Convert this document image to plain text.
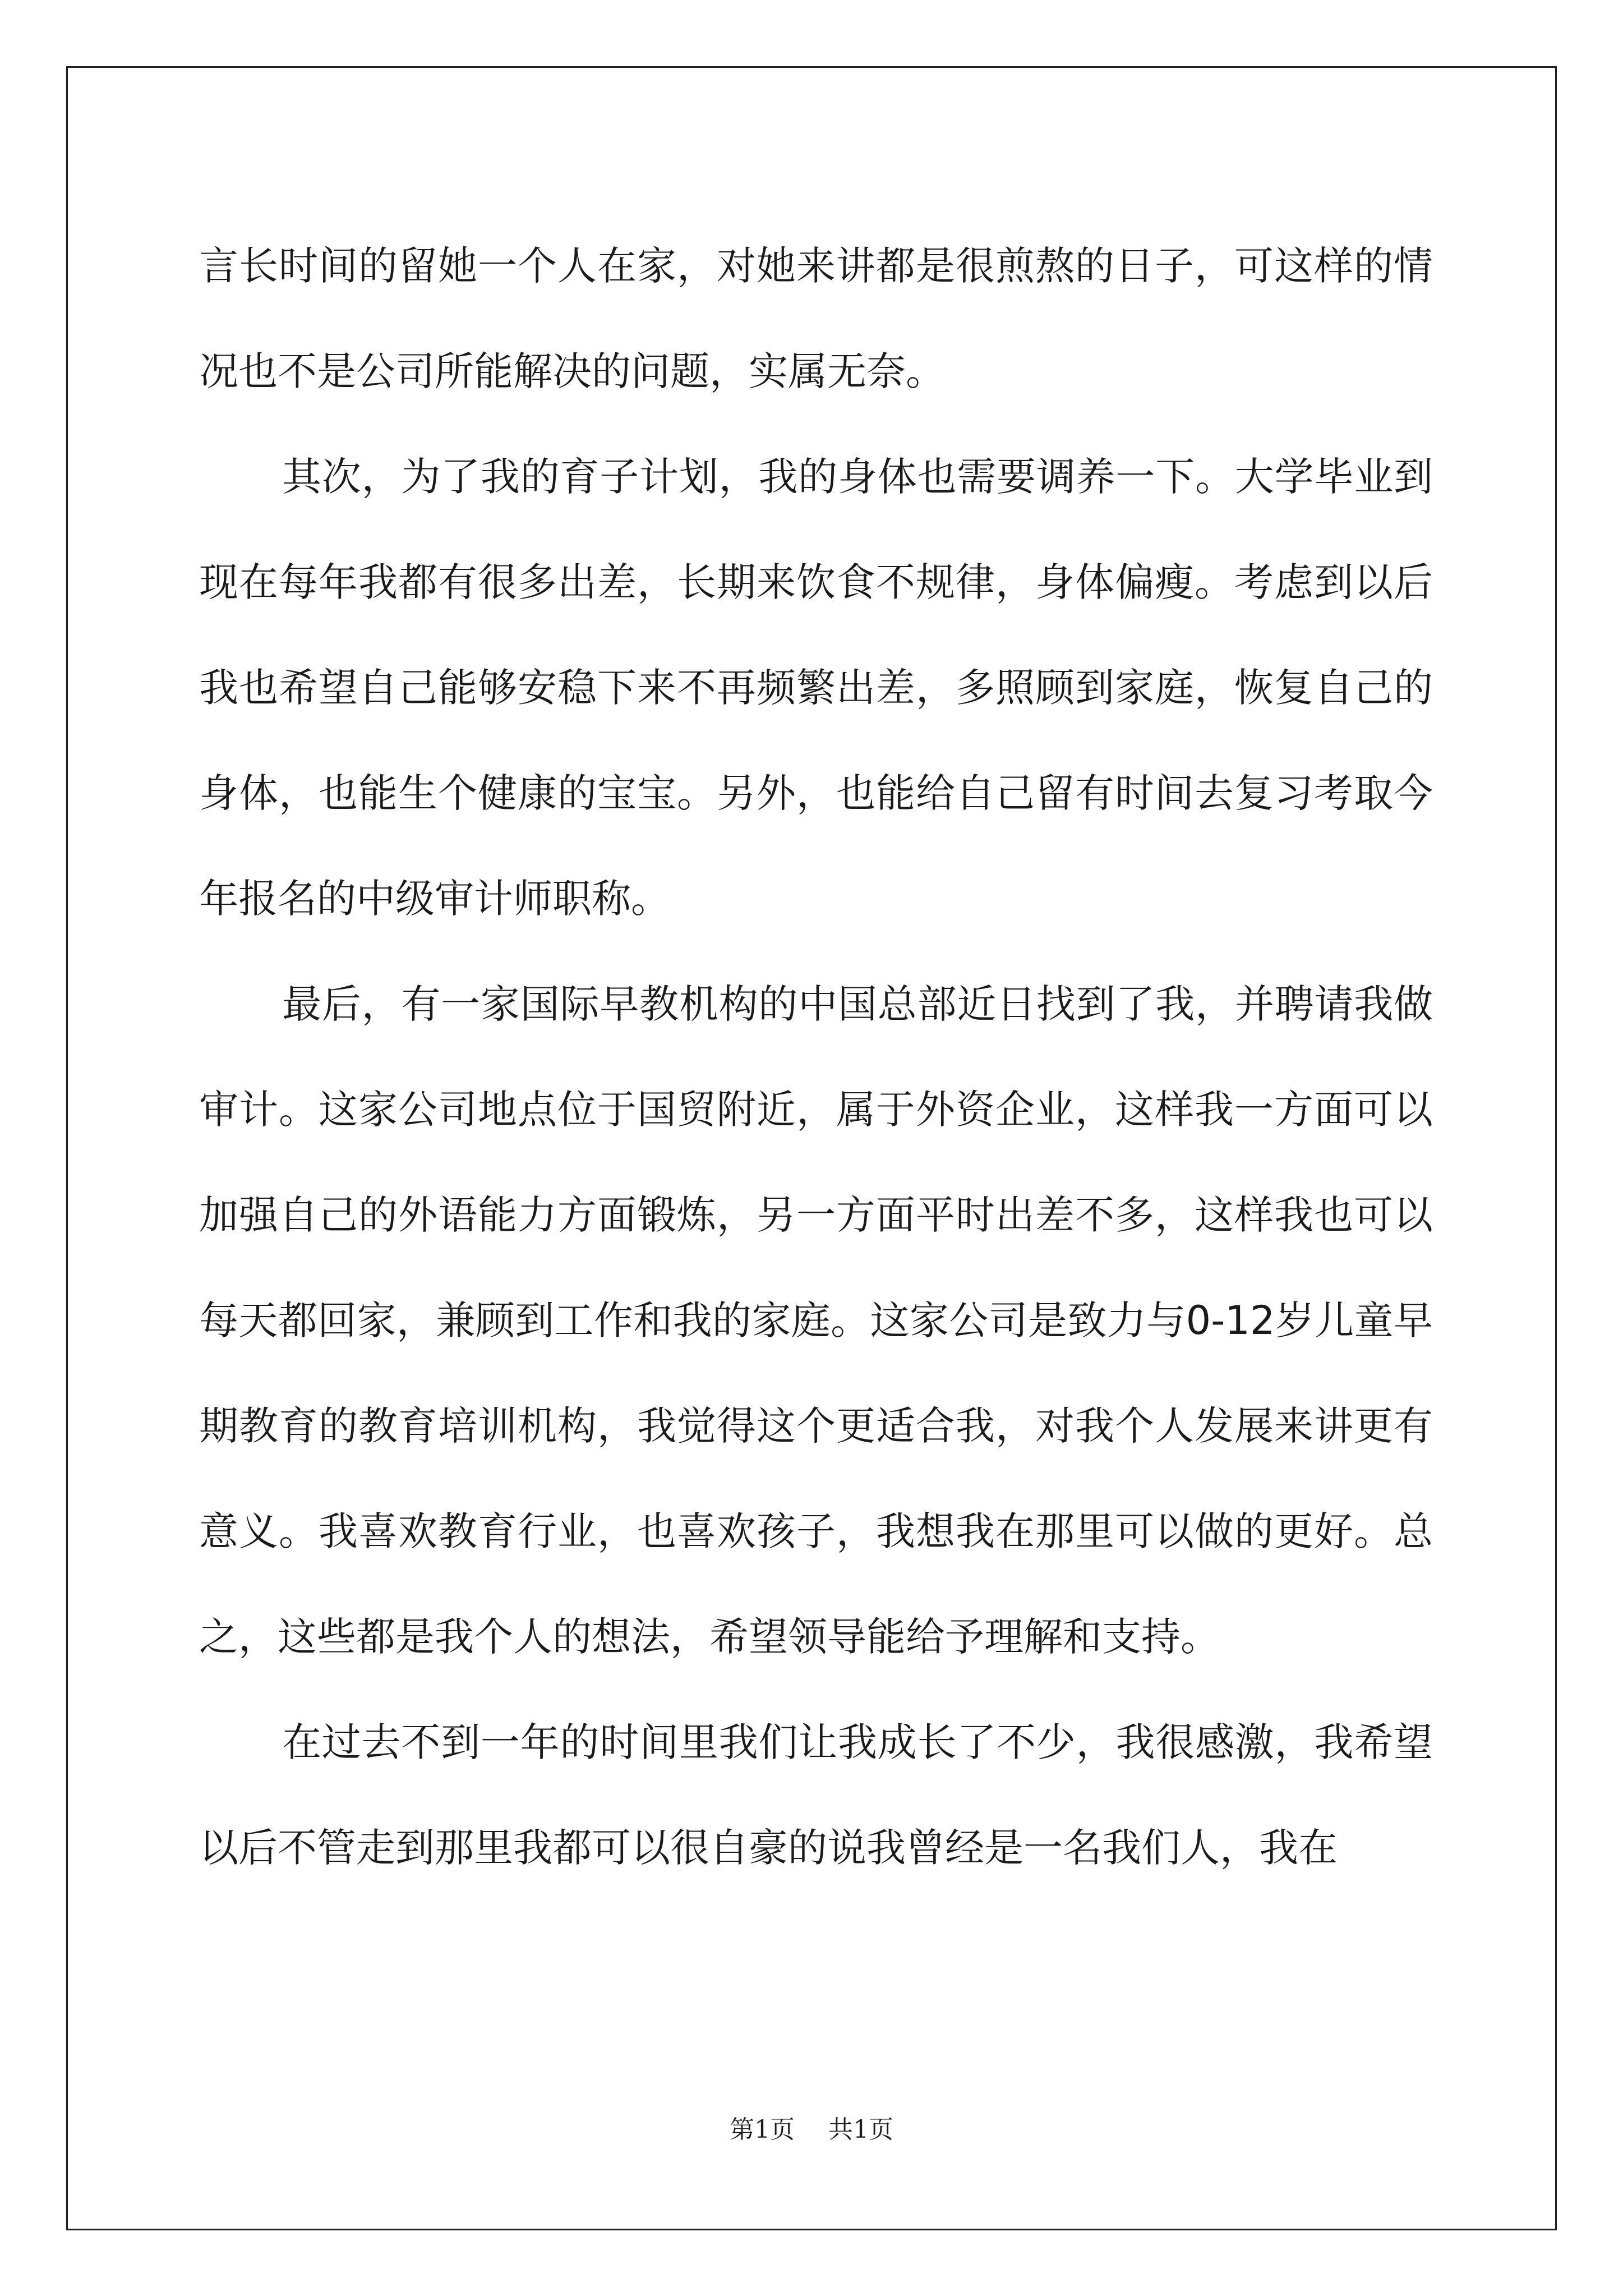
言长时间的留她一个人在家，对她来讲都是很煎熬的日子，可这样的情况也不是公司所能解决的问题，实属无奈。

其次，为了我的育子计划，我的身体也需要调养一下。大学毕业到现在每年我都有很多出差，长期来饮食不规律，身体偏瘦。考虑到以后我也希望自己能够安稳下来不再频繁出差，多照顾到家庭，恢复自己的身体，也能生个健康的宝宝。另外，也能给自己留有时间去复习考取今年报名的中级审计师职称。

最后，有一家国际早教机构的中国总部近日找到了我，并聘请我做审计。这家公司地点位于国贸附近，属于外资企业，这样我一方面可以加强自己的外语能力方面锻炼，另一方面平时出差不多，这样我也可以每天都回家，兼顾到工作和我的家庭。这家公司是致力与0-12岁儿童早期教育的教育培训机构，我觉得这个更适合我，对我个人发展来讲更有意义。我喜欢教育行业，也喜欢孩子，我想我在那里可以做的更好。总之，这些都是我个人的想法，希望领导能给予理解和支持。

在过去不到一年的时间里我们让我成长了不少，我很感激，我希望以后不管走到那里我都可以很自豪的说我曾经是一名我们人，我在

第1页 共1页
